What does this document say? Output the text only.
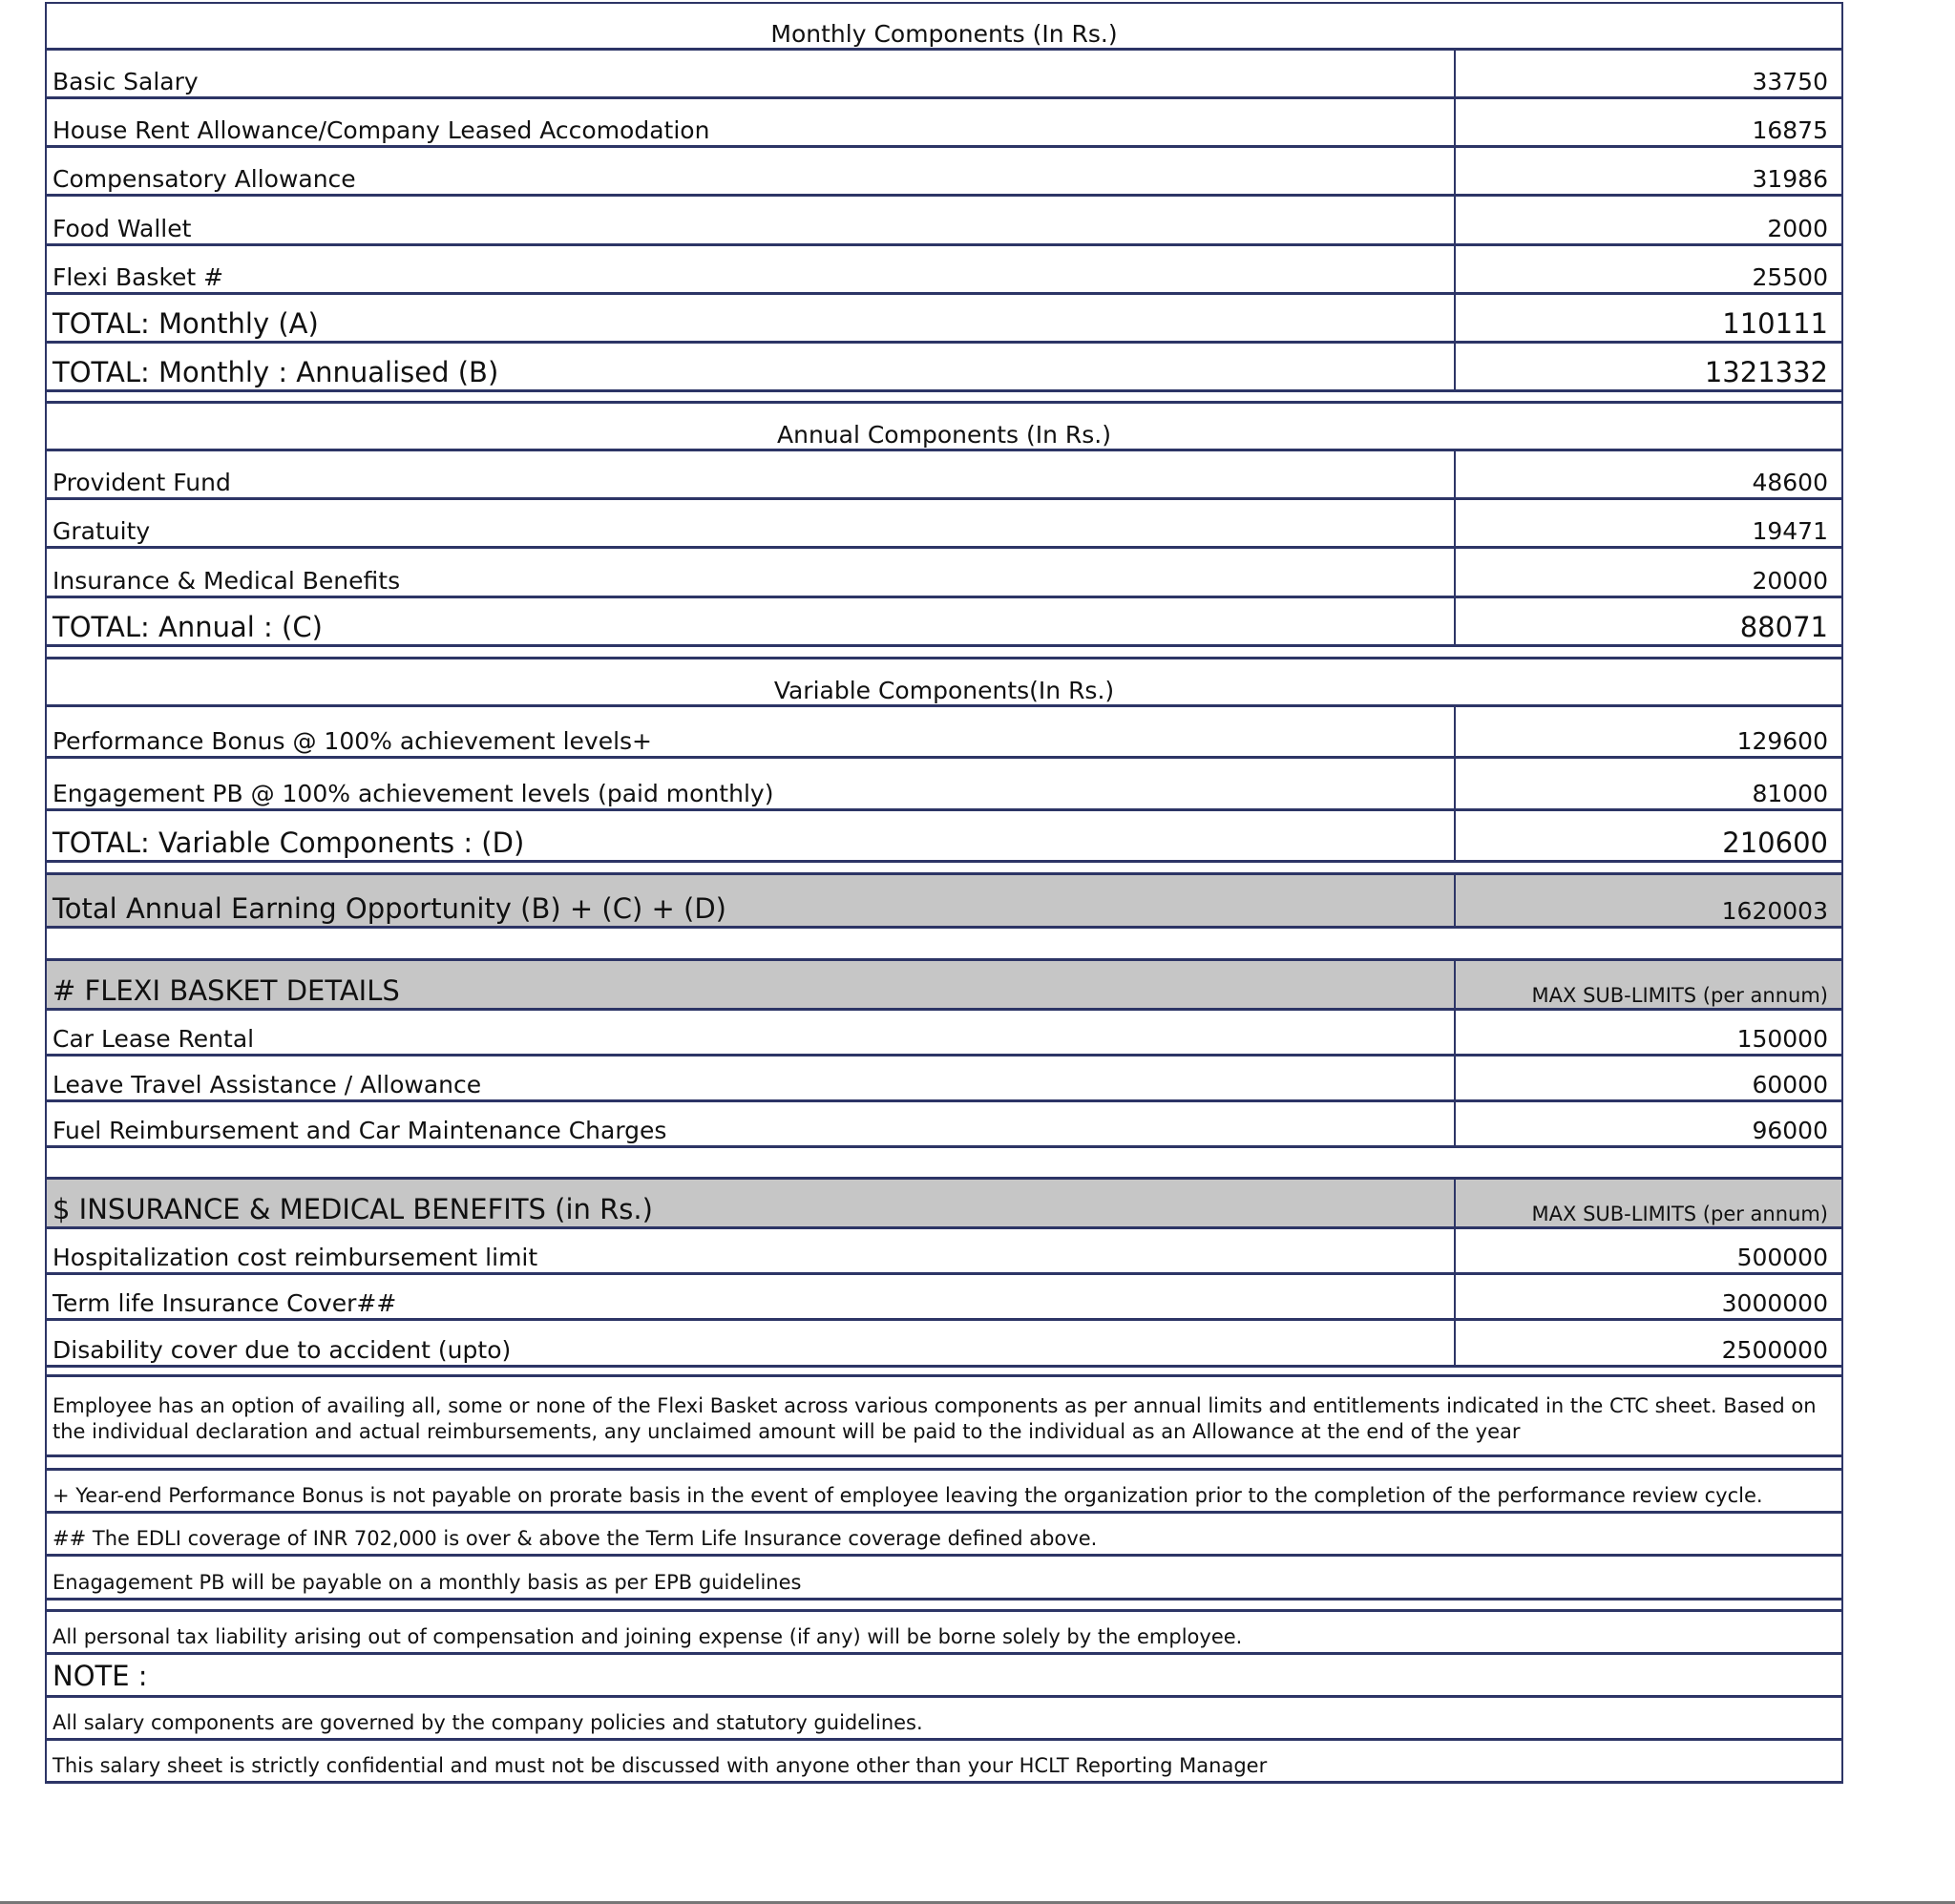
Monthly Components (In Rs.)
Basic Salary	33750
House Rent Allowance/Company Leased Accomodation	16875
Compensatory Allowance	31986
Food Wallet	2000
Flexi Basket #	25500
TOTAL: Monthly (A)	110111
TOTAL: Monthly : Annualised (B)	1321332
Annual Components (In Rs.)
Provident Fund	48600
Gratuity	19471
Insurance & Medical Benefits	20000
TOTAL: Annual : (C)	88071
Variable Components(In Rs.)
Performance Bonus @ 100% achievement levels+	129600
Engagement PB @ 100% achievement levels (paid monthly)	81000
TOTAL: Variable Components : (D)	210600
Total Annual Earning Opportunity (B) + (C) + (D)	1620003
# FLEXI BASKET DETAILS	MAX SUB-LIMITS (per annum)
Car Lease Rental	150000
Leave Travel Assistance / Allowance	60000
Fuel Reimbursement and Car Maintenance Charges	96000
$ INSURANCE & MEDICAL BENEFITS (in Rs.)	MAX SUB-LIMITS (per annum)
Hospitalization cost reimbursement limit	500000
Term life Insurance Cover##	3000000
Disability cover due to accident (upto)	2500000
Employee has an option of availing all, some or none of the Flexi Basket across various components as per annual limits and entitlements indicated in the CTC sheet. Based on the individual declaration and actual reimbursements, any unclaimed amount will be paid to the individual as an Allowance at the end of the year
+ Year-end Performance Bonus is not payable on prorate basis in the event of employee leaving the organization prior to the completion of the performance review cycle.
## The EDLI coverage of INR 702,000 is over & above the Term Life Insurance coverage defined above.
Enagagement PB will be payable on a monthly basis as per EPB guidelines
All personal tax liability arising out of compensation and joining expense (if any) will be borne solely by the employee.
NOTE :
All salary components are governed by the company policies and statutory guidelines.
This salary sheet is strictly confidential and must not be discussed with anyone other than your HCLT Reporting Manager
